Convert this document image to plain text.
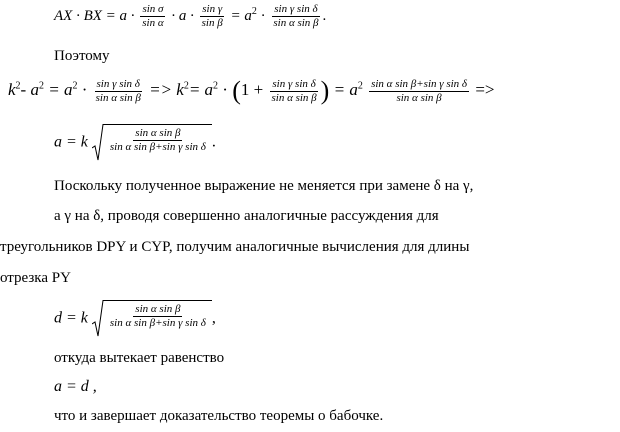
AX · BX = $a \cdot \frac{\text{sin σ}}{\text{sin α}} \cdot a \cdot \frac{\text{sin γ}}{\text{sin β}} = a^2 \cdot \frac{\text{sin γ sin δ}}{\text{sin α sin β}}$ .
Поэтому
$k^2-$ $a^2 = a^2 \cdot \frac{\text{sin γ sin δ}}{\text{sin α sin β}} => k^2= a^2 \cdot (1 + \frac{\text{sin γ sin δ}}{\text{sin α sin β}}$ ) = $a^2 \frac{\text{sin α sin β+sin γ sin δ}}{\text{sin α sin β}}$ =>
a = k $\frac{\text{sin α sin β}}{\text{sin α sin β+sin γ sin δ}}$ .
Поскольку полученное выражение не меняется при замене δ на γ,
а γ на δ, проводя совершенно аналогичные рассуждения для
треугольников DPY и CYP, получим аналогичные вычисления для длины
отрезка PY
d = k $\frac{\text{sin α sin β}}{\text{sin α sin β+sin γ sin δ}}$ ,
откуда вытекает равенство
a = d ,
что и завершает доказательство теоремы о бабочке.
